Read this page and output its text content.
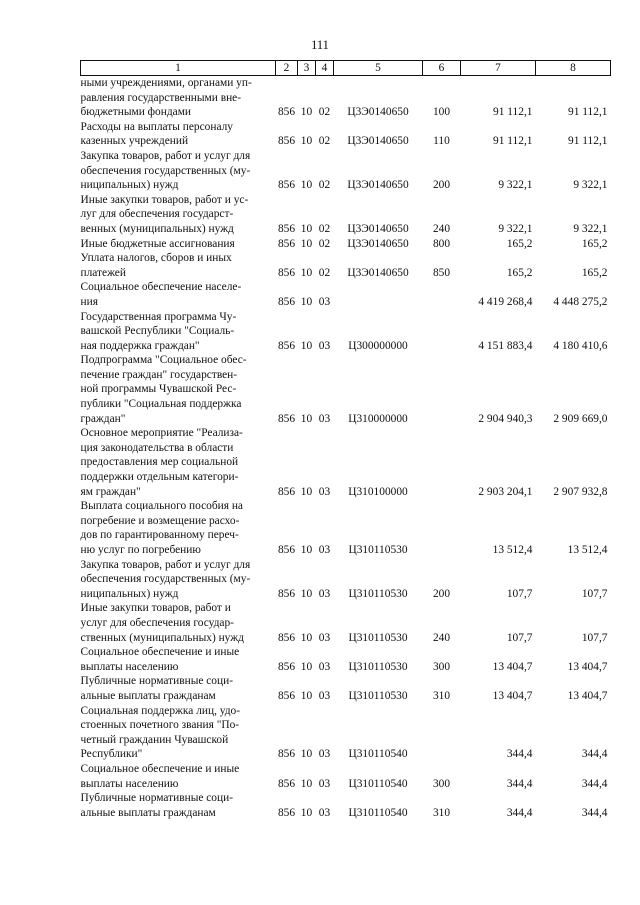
111
1	2	3	4	5	6	7	8
ными учреждениями, органами уп-
равления государственными вне-
бюджетными фондами	856	10	02	Ц3Э0140650	100	91 112,1	91 112,1
Расходы на выплаты персоналу
казенных учреждений	856	10	02	Ц3Э0140650	110	91 112,1	91 112,1
Закупка товаров, работ и услуг для
обеспечения государственных (му-
ниципальных) нужд	856	10	02	Ц3Э0140650	200	9 322,1	9 322,1
Иные закупки товаров, работ и ус-
луг для обеспечения государст-
венных (муниципальных) нужд	856	10	02	Ц3Э0140650	240	9 322,1	9 322,1
Иные бюджетные ассигнования	856	10	02	Ц3Э0140650	800	165,2	165,2
Уплата налогов, сборов и иных
платежей	856	10	02	Ц3Э0140650	850	165,2	165,2
Социальное обеспечение населе-
ния	856	10	03			4 419 268,4	4 448 275,2
Государственная программа Чу-
вашской Республики "Социаль-
ная поддержка граждан"	856	10	03	Ц300000000		4 151 883,4	4 180 410,6
Подпрограмма "Социальное обес-
печение граждан" государствен-
ной программы Чувашской Рес-
публики "Социальная поддержка
граждан"	856	10	03	Ц310000000		2 904 940,3	2 909 669,0
Основное мероприятие "Реализа-
ция законодательства в области
предоставления мер социальной
поддержки отдельным категори-
ям граждан"	856	10	03	Ц310100000		2 903 204,1	2 907 932,8
Выплата социального пособия на
погребение и возмещение расхо-
дов по гарантированному переч-
ню услуг по погребению	856	10	03	Ц310110530		13 512,4	13 512,4
Закупка товаров, работ и услуг для
обеспечения государственных (му-
ниципальных) нужд	856	10	03	Ц310110530	200	107,7	107,7
Иные закупки товаров, работ и
услуг для обеспечения государ-
ственных (муниципальных) нужд	856	10	03	Ц310110530	240	107,7	107,7
Социальное обеспечение и иные
выплаты населению	856	10	03	Ц310110530	300	13 404,7	13 404,7
Публичные нормативные соци-
альные выплаты гражданам	856	10	03	Ц310110530	310	13 404,7	13 404,7
Социальная поддержка лиц, удо-
стоенных почетного звания "По-
четный гражданин Чувашской
Республики"	856	10	03	Ц310110540		344,4	344,4
Социальное обеспечение и иные
выплаты населению	856	10	03	Ц310110540	300	344,4	344,4
Публичные нормативные соци-
альные выплаты гражданам	856	10	03	Ц310110540	310	344,4	344,4
